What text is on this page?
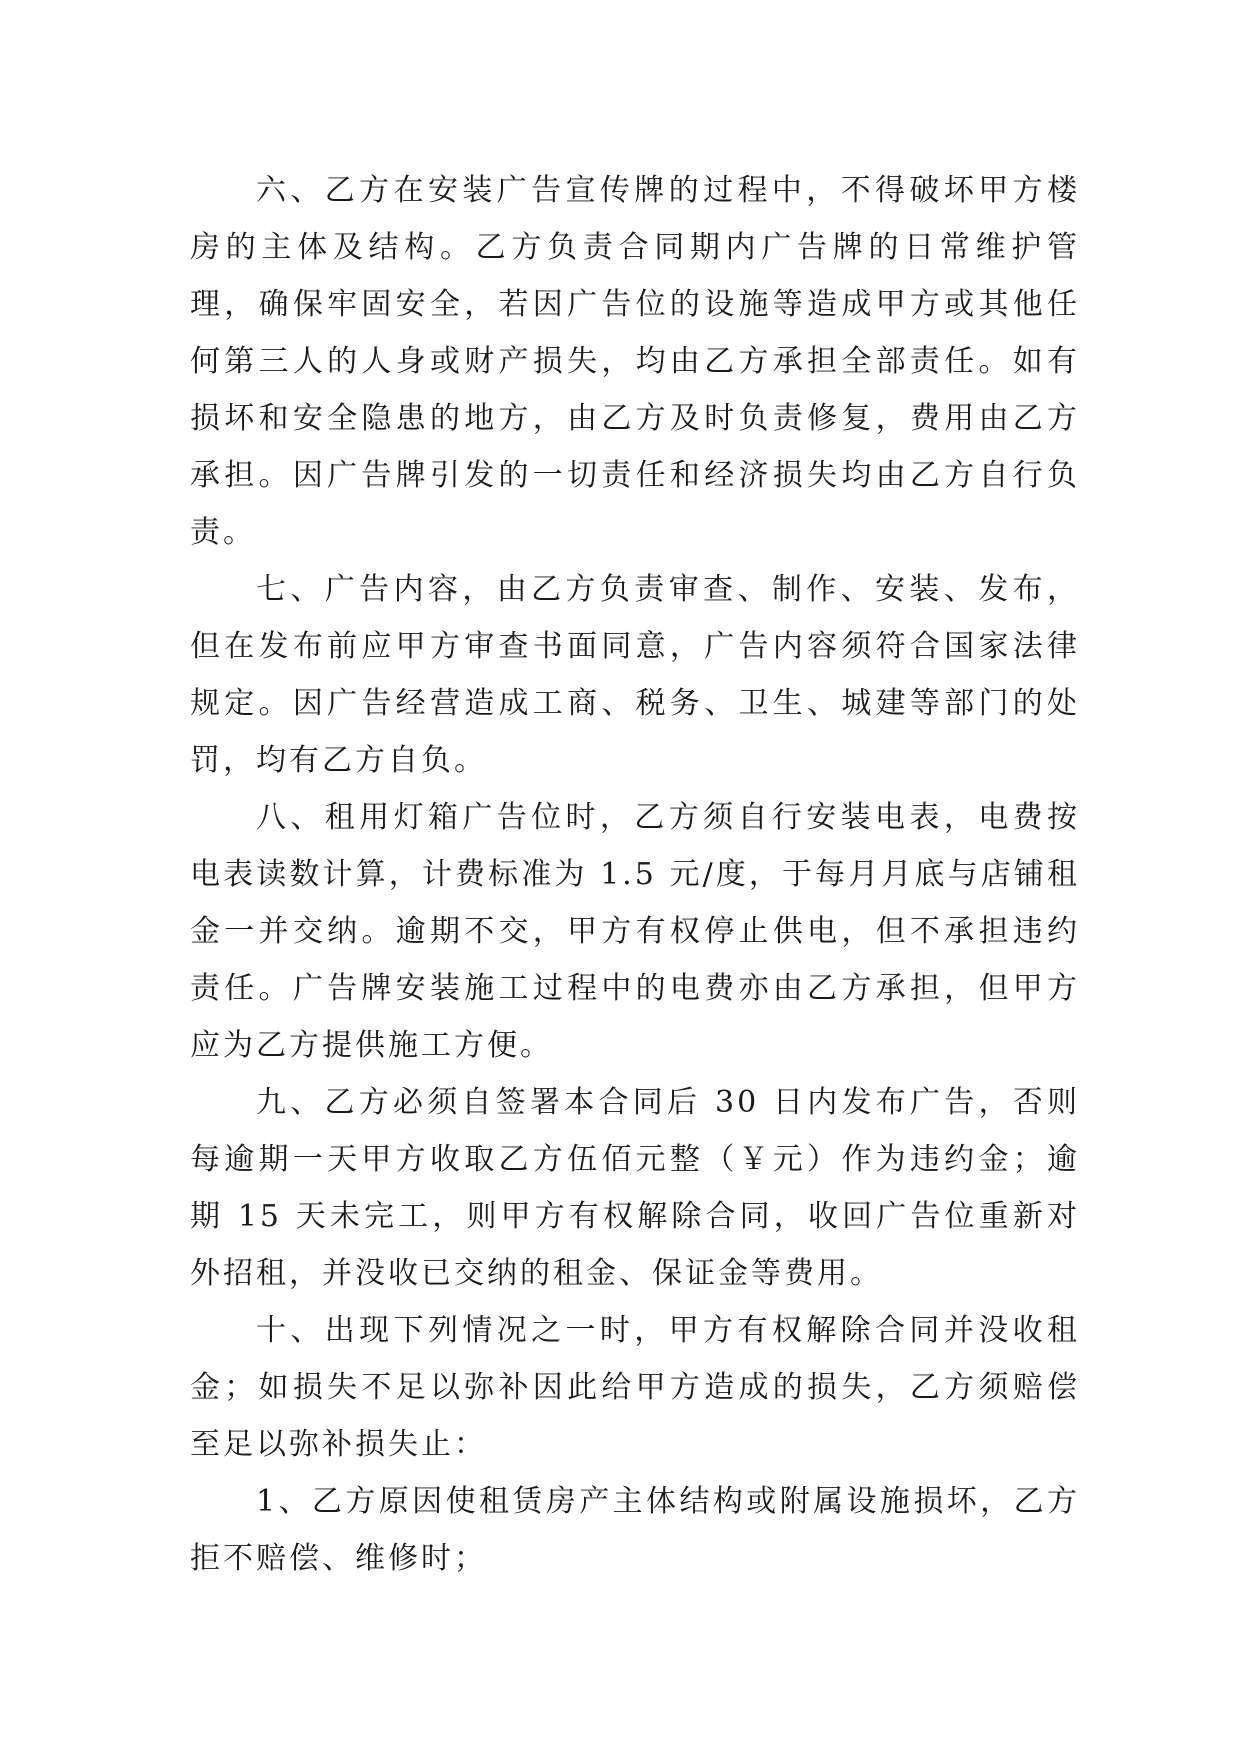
六、乙方在安装广告宣传牌的过程中，不得破坏甲方楼房的主体及结构。乙方负责合同期内广告牌的日常维护管理，确保牢固安全，若因广告位的设施等造成甲方或其他任何第三人的人身或财产损失，均由乙方承担全部责任。如有损坏和安全隐患的地方，由乙方及时负责修复，费用由乙方承担。因广告牌引发的一切责任和经济损失均由乙方自行负责。

七、广告内容，由乙方负责审查、制作、安装、发布，但在发布前应甲方审查书面同意，广告内容须符合国家法律规定。因广告经营造成工商、税务、卫生、城建等部门的处罚，均有乙方自负。

八、租用灯箱广告位时，乙方须自行安装电表，电费按电表读数计算，计费标准为 1.5 元/度，于每月月底与店铺租金一并交纳。逾期不交，甲方有权停止供电，但不承担违约责任。广告牌安装施工过程中的电费亦由乙方承担，但甲方应为乙方提供施工方便。

九、乙方必须自签署本合同后 30 日内发布广告，否则每逾期一天甲方收取乙方伍佰元整（￥元）作为违约金；逾期 15 天未完工，则甲方有权解除合同，收回广告位重新对外招租，并没收已交纳的租金、保证金等费用。

十、出现下列情况之一时，甲方有权解除合同并没收租金；如损失不足以弥补因此给甲方造成的损失，乙方须赔偿至足以弥补损失止：

1、乙方原因使租赁房产主体结构或附属设施损坏，乙方拒不赔偿、维修时；
